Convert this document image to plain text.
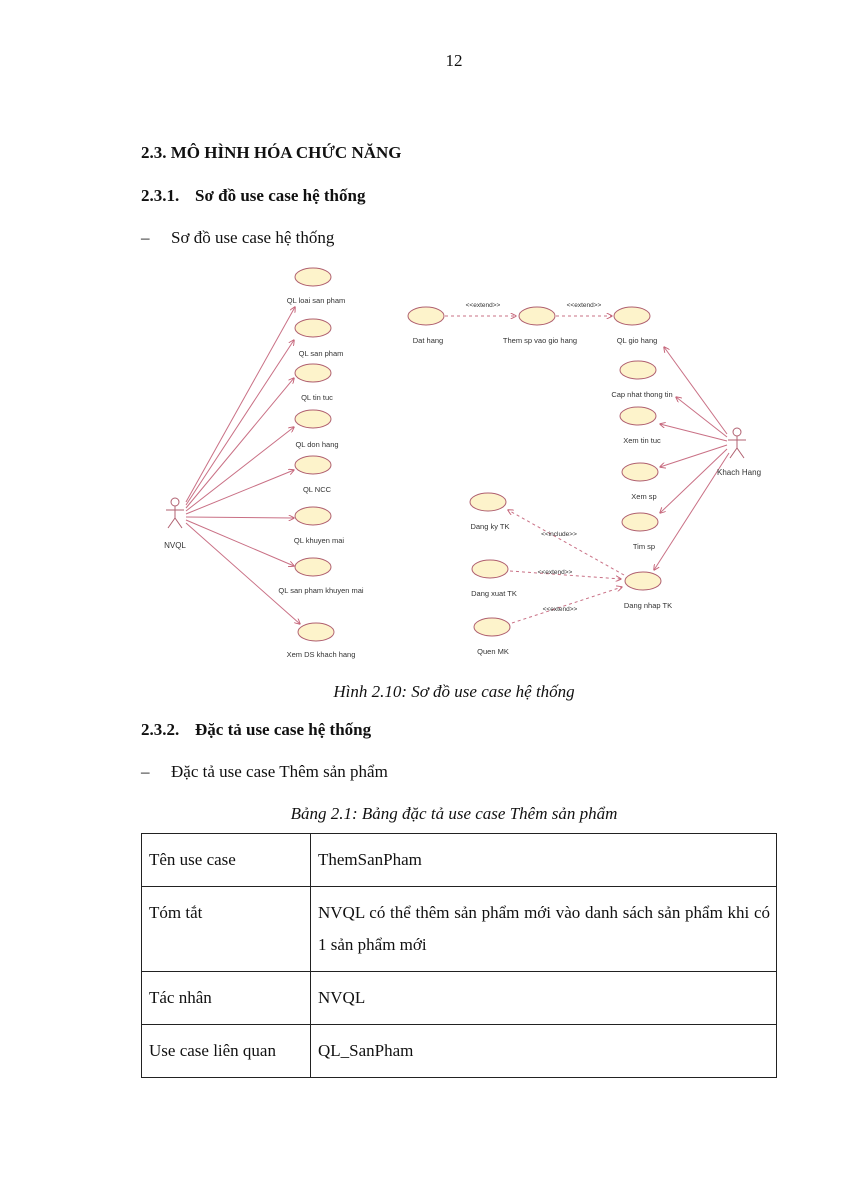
12
2.3. MÔ HÌNH HÓA CHỨC NĂNG
2.3.1. Sơ đồ use case hệ thống
– Sơ đồ use case hệ thống
NVQL
Khach Hang
QL loai san pham
QL san pham
QL tin tuc
QL don hang
QL NCC
QL khuyen mai
QL san pham khuyen mai
Xem DS khach hang
Dat hang	Them sp vao gio hang	QL gio hang
Cap nhat thong tin
Xem tin tuc
Xem sp
Tim sp
Dang ky TK
Dang xuat TK
Quen MK
Dang nhap TK
<<extend>>	<<extend>>
<<include>>
<<extend>>
<<extend>>
Hình 2.10: Sơ đồ use case hệ thống
2.3.2. Đặc tả use case hệ thống
– Đặc tả use case Thêm sản phẩm
Bảng 2.1: Bảng đặc tả use case Thêm sản phẩm
Tên use case	ThemSanPham
Tóm tắt	NVQL có thể thêm sản phẩm mới vào danh sách sản phẩm khi có 1 sản phẩm mới
Tác nhân	NVQL
Use case liên quan	QL_SanPham
